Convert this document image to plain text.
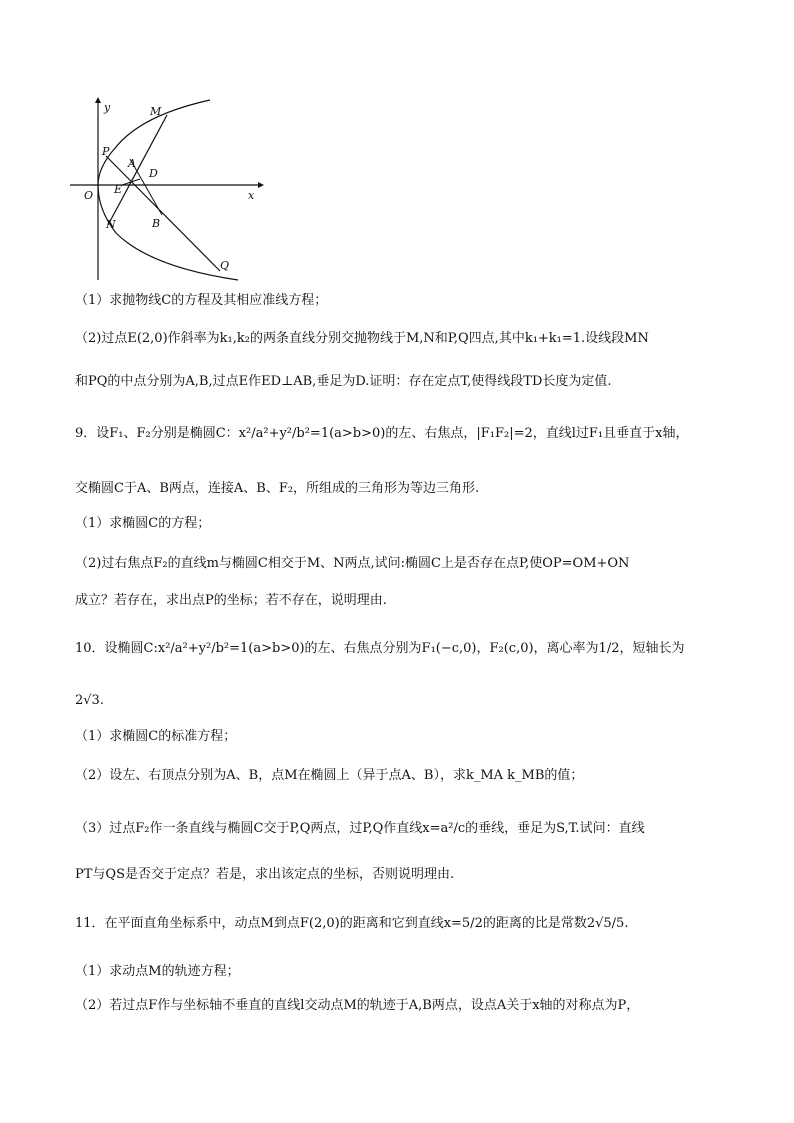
y
x
O
M
P
A
D
E
B
N
Q
（1）求抛物线C的方程及其相应准线方程；
（2)过点E(2,0)作斜率为k₁,k₂的两条直线分别交抛物线于M,N和P,Q四点,其中k₁+k₁=1.设线段MN
和PQ的中点分别为A,B,过点E作ED⊥AB,垂足为D.证明：存在定点T,使得线段TD长度为定值.
9．设F₁、F₂分别是椭圆C：x²/a²+y²/b²=1(a>b>0)的左、右焦点，|F₁F₂|=2，直线l过F₁且垂直于x轴，
交椭圆C于A、B两点，连接A、B、F₂，所组成的三角形为等边三角形.
（1）求椭圆C的方程；
（2)过右焦点F₂的直线m与椭圆C相交于M、N两点,试问:椭圆C上是否存在点P,使OP=OM+ON
成立？若存在，求出点P的坐标；若不存在，说明理由.
10．设椭圆C:x²/a²+y²/b²=1(a>b>0)的左、右焦点分别为F₁(−c,0)，F₂(c,0)，离心率为1/2，短轴长为
2√3.
（1）求椭圆C的标准方程；
（2）设左、右顶点分别为A、B，点M在椭圆上（异于点A、B），求k_MA k_MB的值；
（3）过点F₂作一条直线与椭圆C交于P,Q两点，过P,Q作直线x=a²/c的垂线，垂足为S,T.试问：直线
PT与QS是否交于定点？若是，求出该定点的坐标，否则说明理由.
11．在平面直角坐标系中，动点M到点F(2,0)的距离和它到直线x=5/2的距离的比是常数2√5/5.
（1）求动点M的轨迹方程；
（2）若过点F作与坐标轴不垂直的直线l交动点M的轨迹于A,B两点，设点A关于x轴的对称点为P，
